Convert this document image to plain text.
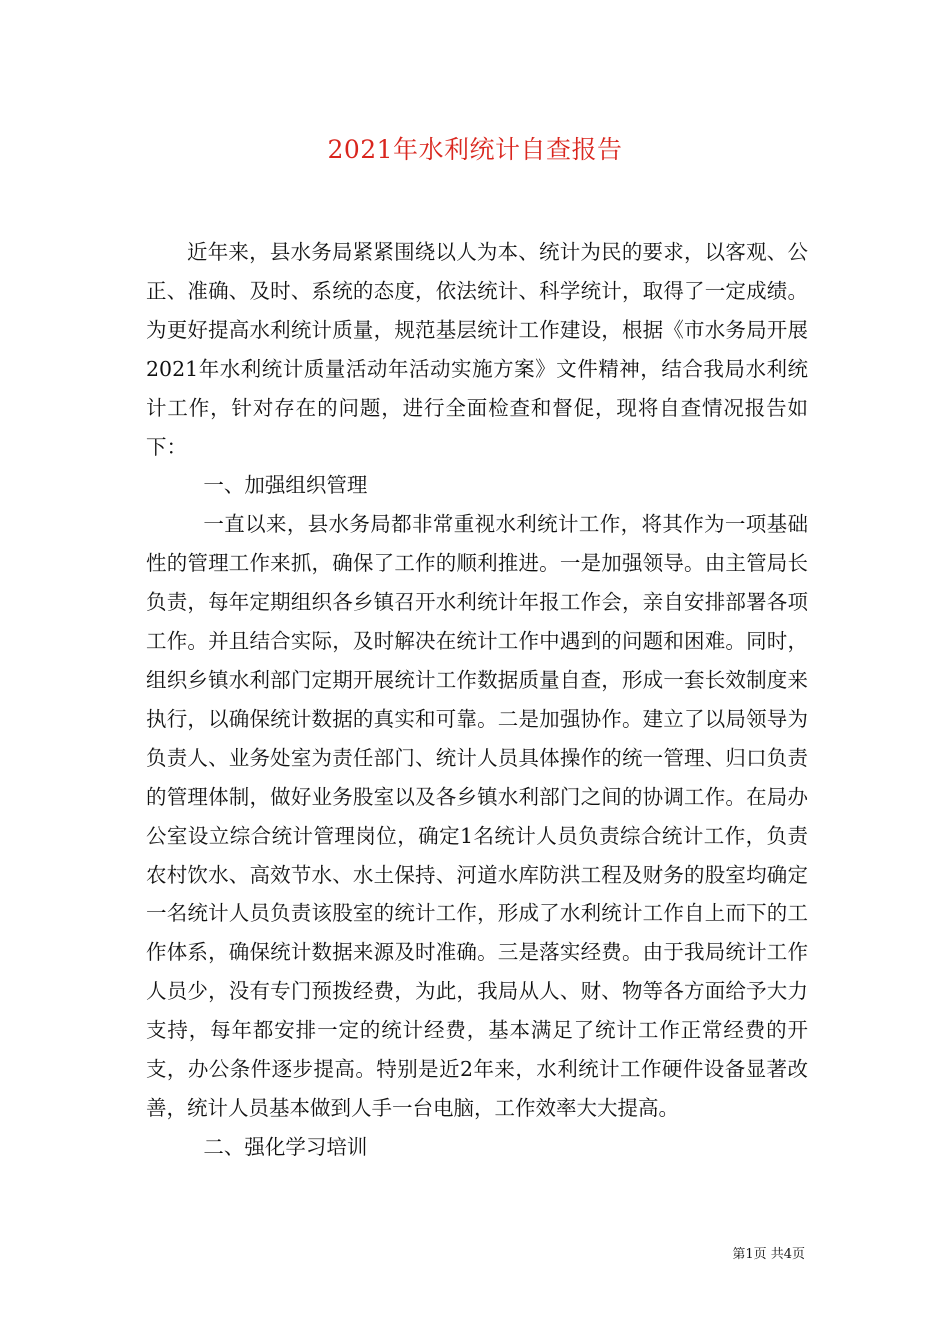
2021年水利统计自查报告

近年来，县水务局紧紧围绕以人为本、统计为民的要求，以客观、公正、准确、及时、系统的态度，依法统计、科学统计，取得了一定成绩。为更好提高水利统计质量，规范基层统计工作建设，根据《市水务局开展2021年水利统计质量活动年活动实施方案》文件精神，结合我局水利统计工作，针对存在的问题，进行全面检查和督促，现将自查情况报告如下：

一、加强组织管理

一直以来，县水务局都非常重视水利统计工作，将其作为一项基础性的管理工作来抓，确保了工作的顺利推进。一是加强领导。由主管局长负责，每年定期组织各乡镇召开水利统计年报工作会，亲自安排部署各项工作。并且结合实际，及时解决在统计工作中遇到的问题和困难。同时，组织乡镇水利部门定期开展统计工作数据质量自查，形成一套长效制度来执行，以确保统计数据的真实和可靠。二是加强协作。建立了以局领导为负责人、业务处室为责任部门、统计人员具体操作的统一管理、归口负责的管理体制，做好业务股室以及各乡镇水利部门之间的协调工作。在局办公室设立综合统计管理岗位，确定1名统计人员负责综合统计工作，负责农村饮水、高效节水、水土保持、河道水库防洪工程及财务的股室均确定一名统计人员负责该股室的统计工作，形成了水利统计工作自上而下的工作体系，确保统计数据来源及时准确。三是落实经费。由于我局统计工作人员少，没有专门预拨经费，为此，我局从人、财、物等各方面给予大力支持，每年都安排一定的统计经费，基本满足了统计工作正常经费的开支，办公条件逐步提高。特别是近2年来，水利统计工作硬件设备显著改善，统计人员基本做到人手一台电脑，工作效率大大提高。

二、强化学习培训

第1页 共4页
